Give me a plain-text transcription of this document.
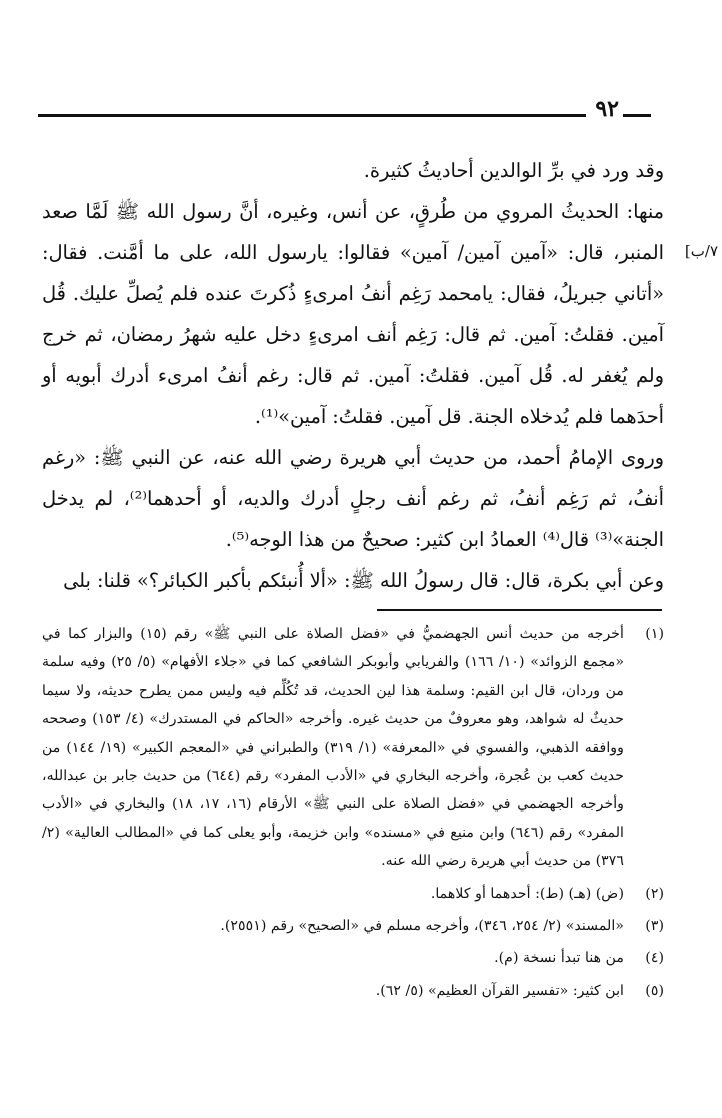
٩٢
٧/ب]

وقد ورد في برِّ الوالدين أحاديثُ كثيرة.

منها: الحديثُ المروي من طُرقٍ، عن أنس، وغيره، أنَّ رسول الله ﷺ لَمَّا صعد المنبر، قال: «آمين آمين/ آمين» فقالوا: يارسول الله، على ما أمَّنت. فقال: «أتاني جبريلُ، فقال: يامحمد رَغِم أنفُ امرىءٍ ذُكرتَ عنده فلم يُصلِّ عليك. قُل آمين. فقلتُ: آمين. ثم قال: رَغِم أنف امرىءٍ دخل عليه شهرُ رمضان، ثم خرج ولم يُغفر له. قُل آمين. فقلتُ: آمين. ثم قال: رغم أنفُ امرىء أدرك أبويه أو أحدَهما فلم يُدخلاه الجنة. قل آمين. فقلتُ: آمين»⁽¹⁾.

وروى الإمامُ أحمد، من حديث أبي هريرة رضي الله عنه، عن النبي ﷺ: «رغم أنفُ، ثم رَغِم أنفُ، ثم رغم أنف رجلٍ أدرك والديه، أو أحدهما⁽²⁾، لم يدخل الجنة»⁽³⁾ قال⁽⁴⁾ العمادُ ابن كثير: صحيحٌ من هذا الوجه⁽⁵⁾.

وعن أبي بكرة، قال: قال رسولُ الله ﷺ: «ألا أُنبئكم بأكبر الكبائر؟» قلنا: بلى

(١)
أخرجه من حديث أنس الجهضميُّ في «فضل الصلاة على النبي ﷺ» رقم (١٥) والبزار كما في «مجمع الزوائد» (١٠/ ١٦٦) والفريابي وأبوبكر الشافعي كما في «جلاء الأفهام» (٥/ ٢٥) وفيه سلمة من وردان، قال ابن القيم: وسلمة هذا لين الحديث، قد تُكُلِّم فيه وليس ممن يطرح حديثه، ولا سيما حديثٌ له شواهد، وهو معروفٌ من حديث غيره. وأخرجه «الحاكم في المستدرك» (٤/ ١٥٣) وصححه ووافقه الذهبي، والفسوي في «المعرفة» (١/ ٣١٩) والطبراني في «المعجم الكبير» (١٩/ ١٤٤) من حديث كعب بن عُجرة، وأخرجه البخاري في «الأدب المفرد» رقم (٦٤٤) من حديث جابر بن عبدالله، وأخرجه الجهضمي في «فضل الصلاة على النبي ﷺ» الأرقام (١٦، ١٧، ١٨) والبخاري في «الأدب المفرد» رقم (٦٤٦) وابن منيع في «مسنده» وابن خزيمة، وأبو يعلى كما في «المطالب العالية» (٢/ ٣٧٦) من حديث أبي هريرة رضي الله عنه.
(٢)
(ض) (هـ) (ط): أحدهما أو كلاهما.
(٣)
«المسند» (٢/ ٢٥٤، ٣٤٦)، وأخرجه مسلم في «الصحيح» رقم (٢٥٥١).
(٤)
من هنا تبدأ نسخة (م).
(٥)
ابن كثير: «تفسير القرآن العظيم» (٥/ ٦٢).
